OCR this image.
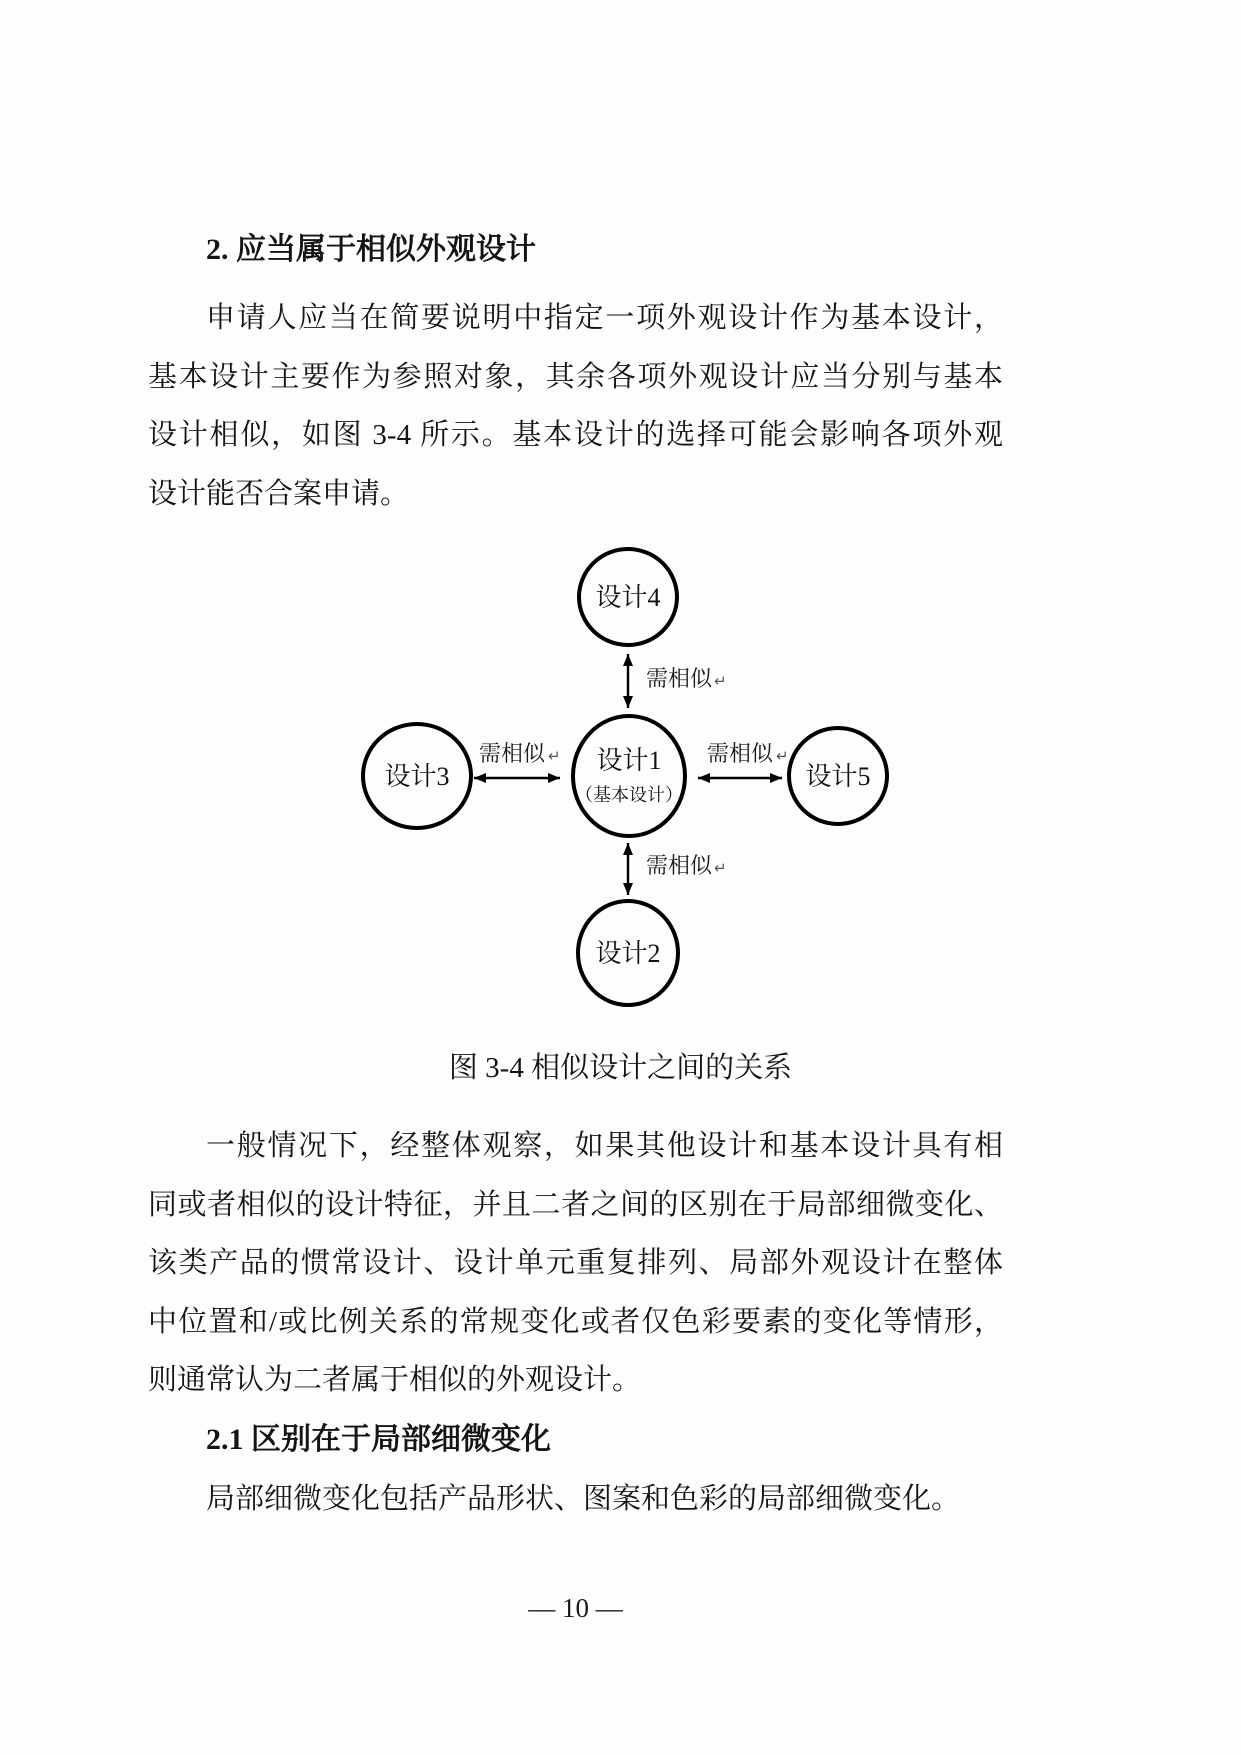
2. 应当属于相似外观设计
申请人应当在简要说明中指定一项外观设计作为基本设计，
基本设计主要作为参照对象，其余各项外观设计应当分别与基本
设计相似，如图 3-4 所示。基本设计的选择可能会影响各项外观
设计能否合案申请。
需相似 ↵
需相似 ↵	需相似 ↵
需相似 ↵
设计4
设计3
设计1
（基本设计）
设计5
设计2
图 3-4 相似设计之间的关系
一般情况下，经整体观察，如果其他设计和基本设计具有相
同或者相似的设计特征，并且二者之间的区别在于局部细微变化、
该类产品的惯常设计、设计单元重复排列、局部外观设计在整体
中位置和/或比例关系的常规变化或者仅色彩要素的变化等情形，
则通常认为二者属于相似的外观设计。
2.1 区别在于局部细微变化
局部细微变化包括产品形状、图案和色彩的局部细微变化。
— 10 —
